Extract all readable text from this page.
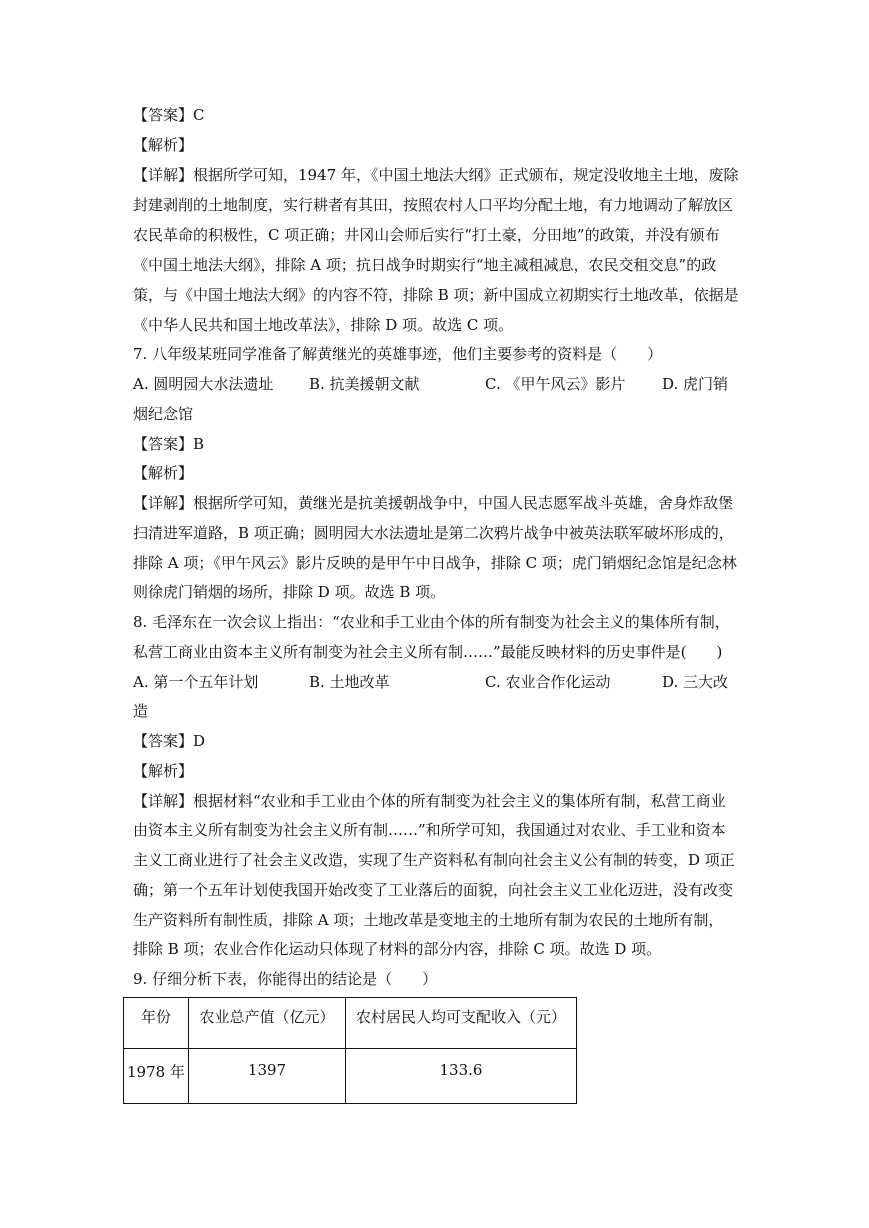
【答案】C
【解析】
【详解】根据所学可知，1947 年，《中国土地法大纲》正式颁布，规定没收地主土地，废除
封建剥削的土地制度，实行耕者有其田，按照农村人口平均分配土地，有力地调动了解放区
农民革命的积极性，C 项正确；井冈山会师后实行“打土豪，分田地”的政策，并没有颁布
《中国土地法大纲》，排除 A 项；抗日战争时期实行“地主减租减息，农民交租交息”的政
策，与《中国土地法大纲》的内容不符，排除 B 项；新中国成立初期实行土地改革，依据是
《中华人民共和国土地改革法》，排除 D 项。故选 C 项。
7. 八年级某班同学准备了解黄继光的英雄事迹，他们主要参考的资料是（　　）
A. 圆明园大水法遗址 B. 抗美援朝文献	C. 《甲午风云》影片 D. 虎门销
烟纪念馆
【答案】B
【解析】
【详解】根据所学可知，黄继光是抗美援朝战争中，中国人民志愿军战斗英雄，舍身炸敌堡
扫清进军道路，B 项正确；圆明园大水法遗址是第二次鸦片战争中被英法联军破坏形成的，
排除 A 项；《甲午风云》影片反映的是甲午中日战争，排除 C 项；虎门销烟纪念馆是纪念林
则徐虎门销烟的场所，排除 D 项。故选 B 项。
8. 毛泽东在一次会议上指出：“农业和手工业由个体的所有制变为社会主义的集体所有制，
私营工商业由资本主义所有制变为社会主义所有制……”最能反映材料的历史事件是(　　)
A. 第一个五年计划	B. 土地改革	C. 农业合作化运动	D. 三大改
造
【答案】D
【解析】
【详解】根据材料“农业和手工业由个体的所有制变为社会主义的集体所有制，私营工商业
由资本主义所有制变为社会主义所有制……”和所学可知，我国通过对农业、手工业和资本
主义工商业进行了社会主义改造，实现了生产资料私有制向社会主义公有制的转变，D 项正
确；第一个五年计划使我国开始改变了工业落后的面貌，向社会主义工业化迈进，没有改变
生产资料所有制性质，排除 A 项；土地改革是变地主的土地所有制为农民的土地所有制，
排除 B 项；农业合作化运动只体现了材料的部分内容，排除 C 项。故选 D 项。
9. 仔细分析下表，你能得出的结论是（　　）
年份	农业总产值（亿元）	农村居民人均可支配收入（元）
1978 年	1397	133.6
